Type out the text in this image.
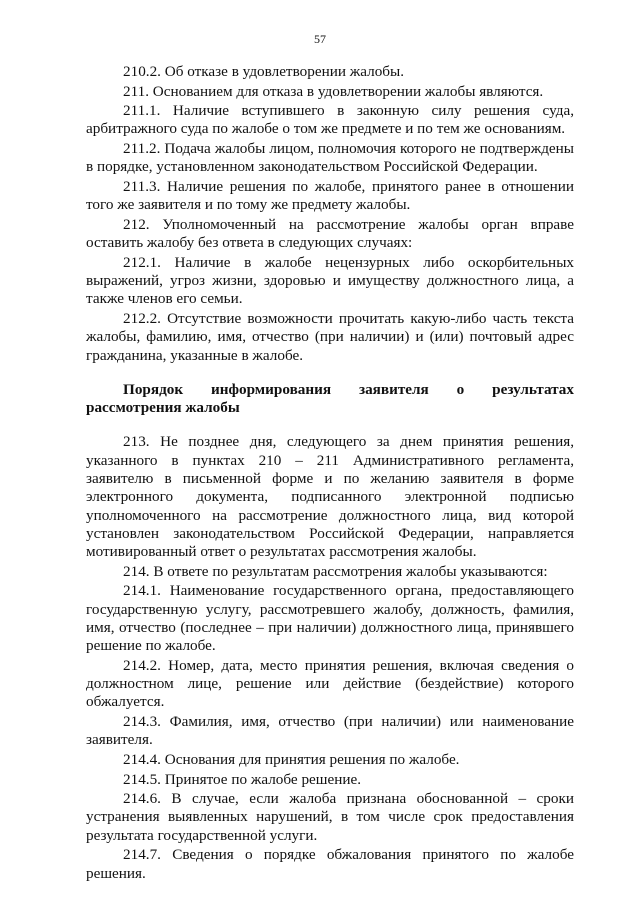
57

210.2. Об отказе в удовлетворении жалобы.

211. Основанием для отказа в удовлетворении жалобы являются.

211.1. Наличие вступившего в законную силу решения суда, арбитражного суда по жалобе о том же предмете и по тем же основаниям.

211.2. Подача жалобы лицом, полномочия которого не подтверждены в порядке, установленном законодательством Российской Федерации.

211.3. Наличие решения по жалобе, принятого ранее в отношении того же заявителя и по тому же предмету жалобы.

212. Уполномоченный на рассмотрение жалобы орган вправе оставить жалобу без ответа в следующих случаях:

212.1. Наличие в жалобе нецензурных либо оскорбительных выражений, угроз жизни, здоровью и имуществу должностного лица, а также членов его семьи.

212.2. Отсутствие возможности прочитать какую-либо часть текста жалобы, фамилию, имя, отчество (при наличии) и (или) почтовый адрес гражданина, указанные в жалобе.

Порядок информирования заявителя о результатах рассмотрения жалобы

213. Не позднее дня, следующего за днем принятия решения, указанного в пунктах 210 – 211 Административного регламента, заявителю в письменной форме и по желанию заявителя в форме электронного документа, подписанного электронной подписью уполномоченного на рассмотрение должностного лица, вид которой установлен законодательством Российской Федерации, направляется мотивированный ответ о результатах рассмотрения жалобы.

214. В ответе по результатам рассмотрения жалобы указываются:

214.1. Наименование государственного органа, предоставляющего государственную услугу, рассмотревшего жалобу, должность, фамилия, имя, отчество (последнее – при наличии) должностного лица, принявшего решение по жалобе.

214.2. Номер, дата, место принятия решения, включая сведения о должностном лице, решение или действие (бездействие) которого обжалуется.

214.3. Фамилия, имя, отчество (при наличии) или наименование заявителя.

214.4. Основания для принятия решения по жалобе.

214.5. Принятое по жалобе решение.

214.6. В случае, если жалоба признана обоснованной – сроки устранения выявленных нарушений, в том числе срок предоставления результата государственной услуги.

214.7. Сведения о порядке обжалования принятого по жалобе решения.
